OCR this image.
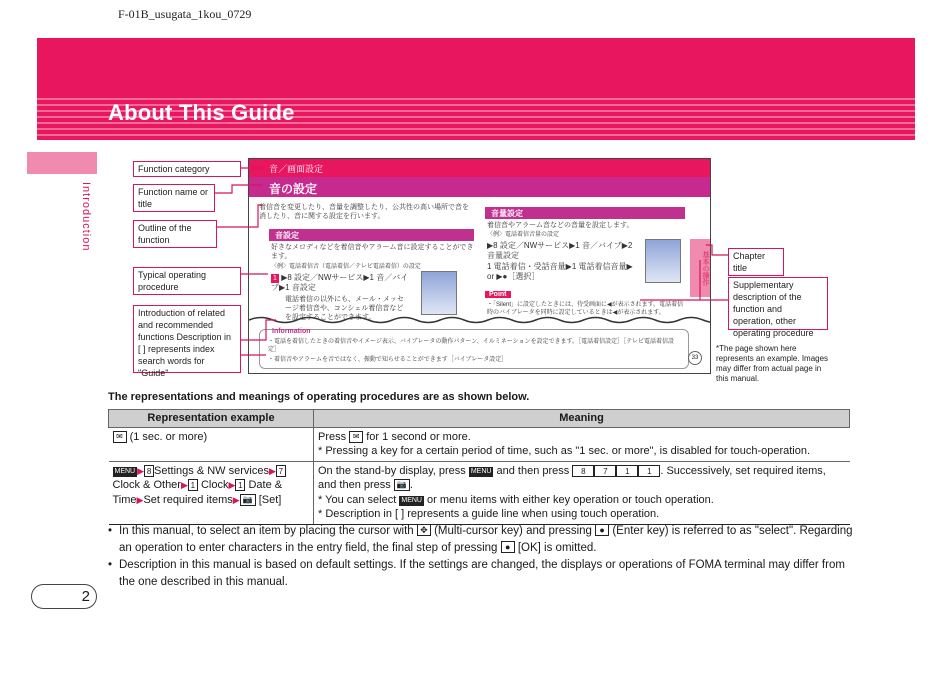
F-01B_usugata_1kou_0729
About This Guide
Introduction
Function category
Function name or title
Outline of the function
Typical operating procedure
Introduction of related and recommended functions Description in [ ] represents index search words for "Guide"
Chapter title
Supplementary description of the function and operation, other operating procedure
音／画面設定
音の設定
着信音を変更したり、音量を調整したり、公共性の高い場所で音を消したり、音に関する設定を行います。
音設定
好きなメロディなどを着信音やアラーム音に設定することができます。
〈例〉電話着信音（電話着信／テレビ電話着信）の設定
1 ▶8 設定／NWサービス▶1 音／バイブ▶1 音設定
電話着信の以外にも、メール・メッセージ着信音や、コンシェル着信音などを設定することができます。
音量設定
着信音やアラーム音などの音量を設定します。
〈例〉電話着信音量の設定
▶8 設定／NWサービス▶1 音／バイブ▶2 音量設定
1 電話着信・受話音量▶1 電話着信音量▶ or ▶●［選択］
Point
・「Silent」に設定したときには、待受画面に◀が表示されます。電話着信時のバイブレータを同時に設定しているときは◀が表示されます。
基本の操作
Information
・電話を着信したときの着信音やイメージ表示、バイブレータの動作パターン、イルミネーションを設定できます。［電話着信設定］［テレビ電話着信設定］
・着信音やアラームを音ではなく、振動で知らせることができます［バイブレータ設定］	33
*The page shown here represents an example. Images may differ from actual page in this manual.
The representations and meanings of operating procedures are as shown below.
Representation example	Meaning
✉ (1 sec. or more)	Press ✉ for 1 second or more.
* Pressing a key for a certain period of time, such as "1 sec. or more", is disabled for touch-operation.
MENU ▶ 8 Settings & NW services▶ 7Clock & Other▶ 1 Clock▶ 1 Date & Time▶Set required items▶ 📷 [Set]	On the stand-by display, press MENU and then press 8 7 1 1 . Successively, set required items, and then press 📷 .
* You can select MENU or menu items with either key operation or touch operation.
* Description in [ ] represents a guide line when using touch operation.
• In this manual, to select an item by placing the cursor with ✥ (Multi-cursor key) and pressing ● (Enter key) is referred to as "select". Regarding an operation to enter characters in the entry field, the final step of pressing ● [OK] is omitted.
• Description in this manual is based on default settings. If the settings are changed, the displays or operations of FOMA terminal may differ from the one described in this manual.
2
